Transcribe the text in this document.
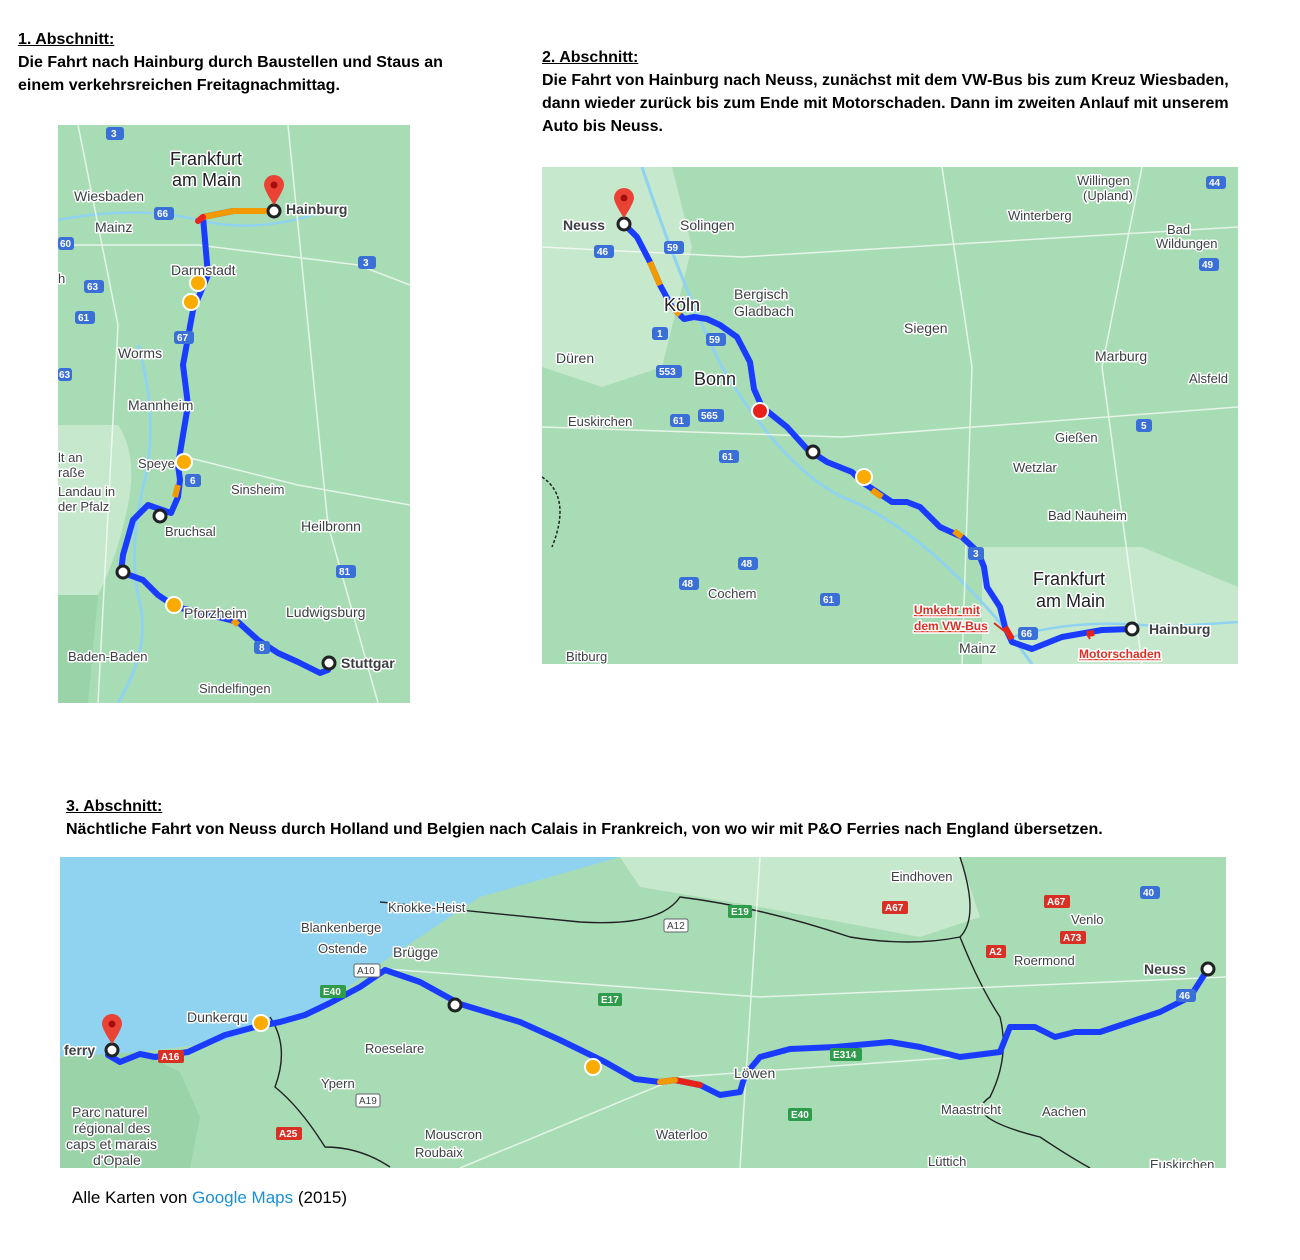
1. Abschnitt:
Die Fahrt nach Hainburg durch Baustellen und Staus an einem verkehrsreichen Freitagnachmittag.
2. Abschnitt:
Die Fahrt von Hainburg nach Neuss, zunächst mit dem VW-Bus bis zum Kreuz Wiesbaden, dann wieder zurück bis zum Ende mit Motorschaden. Dann im zweiten Anlauf mit unserem Auto bis Neuss.
3. Abschnitt:
Nächtliche Fahrt von Neuss durch Holland und Belgien nach Calais in Frankreich, von wo wir mit P&O Ferries nach England übersetzen.
Frankfurt
am Main
Hainburg
Wiesbaden
Mainz
Darmstadt
Worms
Mannheim
Speye
Sinsheim
Heilbronn
lt an
raße
Landau in
der Pfalz
Bruchsal
Pforzheim	Ludwigsburg
Baden-Baden	Stuttgar
Sindelfingen
h
3
66
60
63
61
67
3
6
81
8
63
Neuss	Solingen
Willingen
(Upland)
Winterberg
Bad
Wildungen
Köln
Bergisch
Gladbach
Siegen
Düren
Bonn
Marburg
Alsfeld
Euskirchen
Gießen
Wetzlar
Bad Nauheim
Frankfurt
am Main
Cochem
Hainburg
Mainz
Bitburg
Umkehr mit
dem VW-Bus
Motorschaden
44
46	59
1
59
553
565
61
61
5
49
3
48
48
61
66
Eindhoven
Knokke-Heist
Blankenberge
Venlo
Ostende Brügge
Roermond
Neuss
Dunkerqu
ferry	Roeselare
Löwen
Ypern
Maastricht	Aachen
Parc naturel
régional des
caps et marais
d'Opale
Mouscron	Waterloo
Roubaix
Lüttich	Euskirchen
A12
E19	A67
40
A67
A73
A2
A10
E17
E40	46
A16	E314
A19
E40
A25
Alle Karten von Google Maps (2015)
